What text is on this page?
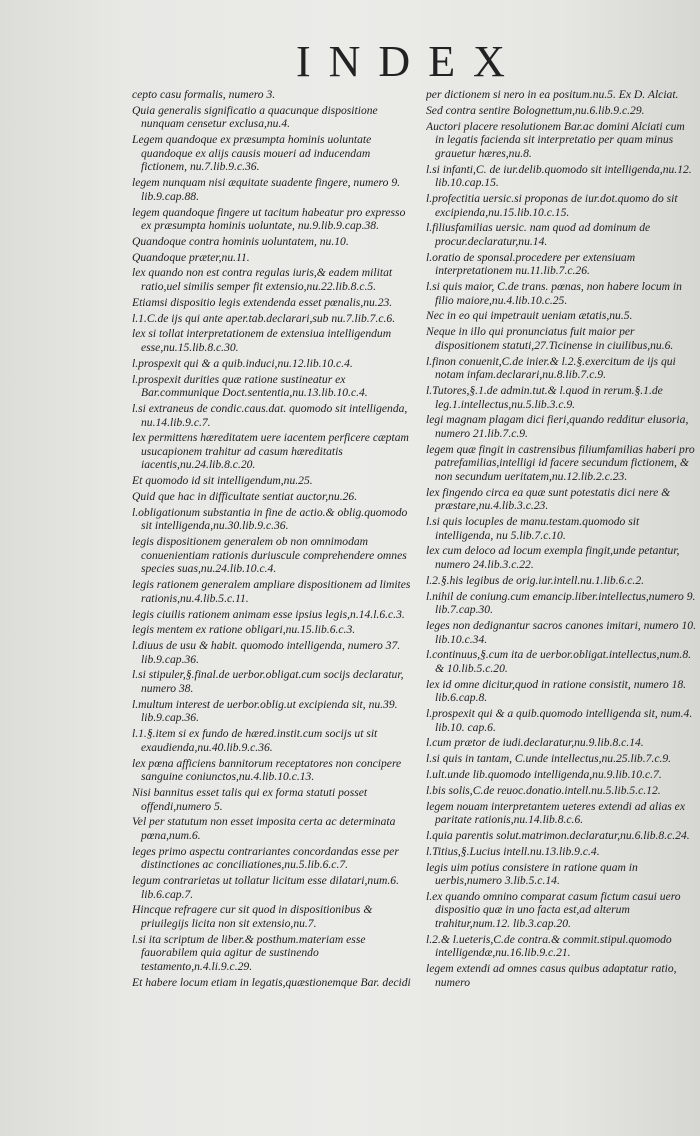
INDEX

cepto casu formalis, numero 3.

Quia generalis significatio a quacunque dispositione nunquam censetur exclusa,nu.4.

Legem quandoque ex præsumpta hominis uoluntate quandoque ex alijs causis moueri ad inducendam fictionem, nu.7.lib.9.c.36.

legem nunquam nisi æquitate suadente fingere, numero 9. lib.9.cap.88.

legem quandoque fingere ut tacitum habeatur pro expresso ex præsumpta hominis uoluntate, nu.9.lib.9.cap.38.

Quandoque contra hominis uoluntatem, nu.10.

Quandoque præter,nu.11.

lex quando non est contra regulas iuris,& eadem militat ratio,uel similis semper fit extensio,nu.22.lib.8.c.5.

Etiamsi dispositio legis extendenda esset pœnalis,nu.23.

l.1.C.de ijs qui ante aper.tab.declarari,sub nu.7.lib.7.c.6.

lex si tollat interpretationem de extensiua intelligendum esse,nu.15.lib.8.c.30.

l.prospexit qui & a quib.induci,nu.12.lib.10.c.4.

l.prospexit durities quæ ratione sustineatur ex Bar.communique Doct.sententia,nu.13.lib.10.c.4.

l.si extraneus de condic.caus.dat. quomodo sit intelligenda, nu.14.lib.9.c.7.

lex permittens hæreditatem uere iacentem perficere cæptam usucapionem trahitur ad casum hæreditatis iacentis,nu.24.lib.8.c.20.

Et quomodo id sit intelligendum,nu.25.

Quid que hac in difficultate sentiat auctor,nu.26.

l.obligationum substantia in fine de actio.& oblig.quomodo sit intelligenda,nu.30.lib.9.c.36.

legis dispositionem generalem ob non omnimodam conuenientiam rationis duriuscule comprehendere omnes species suas,nu.24.lib.10.c.4.

legis rationem generalem ampliare dispositionem ad limites rationis,nu.4.lib.5.c.11.

legis ciuilis rationem animam esse ipsius legis,n.14.l.6.c.3.

legis mentem ex ratione obligari,nu.15.lib.6.c.3.

l.diuus de usu & habit. quomodo intelligenda, numero 37. lib.9.cap.36.

l.si stipuler,§.final.de uerbor.obligat.cum socijs declaratur, numero 38.

l.multum interest de uerbor.oblig.ut excipienda sit, nu.39. lib.9.cap.36.

l.1.§.item si ex fundo de hæred.instit.cum socijs ut sit exaudienda,nu.40.lib.9.c.36.

lex pœna afficiens bannitorum receptatores non concipere sanguine coniunctos,nu.4.lib.10.c.13.

Nisi bannitus esset talis qui ex forma statuti posset offendi,numero 5.

Vel per statutum non esset imposita certa ac determinata pœna,num.6.

leges primo aspectu contrariantes concordandas esse per distinctiones ac conciliationes,nu.5.lib.6.c.7.

legum contrarietas ut tollatur licitum esse dilatari,num.6. lib.6.cap.7.

Hincque refragere cur sit quod in dispositionibus & priuilegijs licita non sit extensio,nu.7.

l.si ita scriptum de liber.& posthum.materiam esse fauorabilem quia agitur de sustinendo testamento,n.4.li.9.c.29.

Et habere locum etiam in legatis,quæstionemque Bar. decidi

per dictionem si nero in ea positum.nu.5. Ex D. Alciat.

Sed contra sentire Bolognettum,nu.6.lib.9.c.29.

Auctori placere resolutionem Bar.ac domini Alciati cum in legatis facienda sit interpretatio per quam minus grauetur hæres,nu.8.

l.si infanti,C. de iur.delib.quomodo sit intelligenda,nu.12. lib.10.cap.15.

l.profectitia uersic.si proponas de iur.dot.quomo do sit excipienda,nu.15.lib.10.c.15.

l.filiusfamilias uersic. nam quod ad dominum de procur.declaratur,nu.14.

l.oratio de sponsal.procedere per extensiuam interpretationem nu.11.lib.7.c.26.

l.si quis maior, C.de trans. pœnas, non habere locum in filio maiore,nu.4.lib.10.c.25.

Nec in eo qui impetrauit ueniam ætatis,nu.5.

Neque in illo qui pronunciatus fuit maior per dispositionem statuti,27.Ticinense in ciuilibus,nu.6.

l.finon conuenit,C.de inier.& l.2.§.exercitum de ijs qui notam infam.declarari,nu.8.lib.7.c.9.

l.Tutores,§.1.de admin.tut.& l.quod in rerum.§.1.de leg.1.intellectus,nu.5.lib.3.c.9.

legi magnam plagam dici fieri,quando redditur elusoria, numero 21.lib.7.c.9.

legem quæ fingit in castrensibus filiumfamilias haberi pro patrefamilias,intelligi id facere secundum fictionem, & non secundum ueritatem,nu.12.lib.2.c.23.

lex fingendo circa ea quæ sunt potestatis dici nere & præstare,nu.4.lib.3.c.23.

l.si quis locuples de manu.testam.quomodo sit intelligenda, nu 5.lib.7.c.10.

lex cum deloco ad locum exempla fingit,unde petantur, numero 24.lib.3.c.22.

l.2.§.his legibus de orig.iur.intell.nu.1.lib.6.c.2.

l.nihil de coniung.cum emancip.liber.intellectus,numero 9. lib.7.cap.30.

leges non dedignantur sacros canones imitari, numero 10. lib.10.c.34.

l.continuus,§.cum ita de uerbor.obligat.intellectus,num.8. & 10.lib.5.c.20.

lex id omne dicitur,quod in ratione consistit, numero 18. lib.6.cap.8.

l.prospexit qui & a quib.quomodo intelligenda sit, num.4. lib.10. cap.6.

l.cum prætor de iudi.declaratur,nu.9.lib.8.c.14.

l.si quis in tantam, C.unde intellectus,nu.25.lib.7.c.9.

l.ult.unde lib.quomodo intelligenda,nu.9.lib.10.c.7.

l.bis solis,C.de reuoc.donatio.intell.nu.5.lib.5.c.12.

legem nouam interpretantem ueteres extendi ad alias ex paritate rationis,nu.14.lib.8.c.6.

l.quia parentis solut.matrimon.declaratur,nu.6.lib.8.c.24.

l.Titius,§.Lucius intell.nu.13.lib.9.c.4.

legis uim potius consistere in ratione quam in uerbis,numero 3.lib.5.c.14.

l.ex quando omnino comparat casum fictum casui uero dispositio quæ in uno facta est,ad alterum trahitur,num.12. lib.3.cap.20.

l.2.& l.ueteris,C.de contra.& commit.stipul.quomodo intelligendæ,nu.16.lib.9.c.21.

legem extendi ad omnes casus quibus adaptatur ratio, numero
